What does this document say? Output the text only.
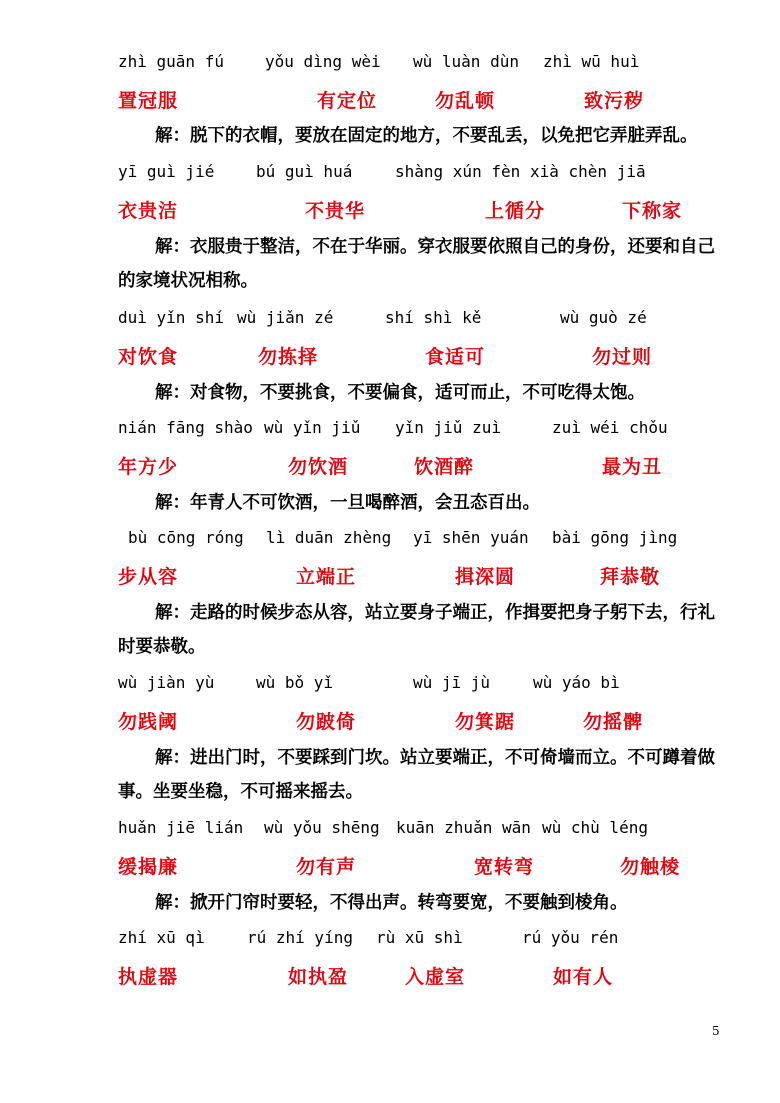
zhì guān fú	yǒu dìng wèi wù luàn dùn zhì wū huì
置冠服	有定位	勿乱顿	致污秽
解：脱下的衣帽，要放在固定的地方，不要乱丢，以免把它弄脏弄乱。
yī guì jié	bú guì huá	shàng xún fèn xià chèn jiā
衣贵洁	不贵华	上循分	下称家
解：衣服贵于整洁，不在于华丽。穿衣服要依照自己的身份，还要和自己的家境状况相称。
duì yǐn shí wù jiǎn zé	shí shì kě	wù guò zé
对饮食	勿拣择	食适可	勿过则
解：对食物，不要挑食，不要偏食，适可而止，不可吃得太饱。
nián fāng shào wù yǐn jiǔ yǐn jiǔ zuì	zuì wéi chǒu
年方少	勿饮酒	饮酒醉	最为丑
解：年青人不可饮酒，一旦喝醉酒，会丑态百出。
bù cōng róng lì duān zhèng yī shēn yuán bài gōng jìng
步从容	立端正	揖深圆	拜恭敬
解：走路的时候步态从容，站立要身子端正，作揖要把身子躬下去，行礼时要恭敬。
wù jiàn yù	wù bǒ yǐ	wù jī jù	wù yáo bì
勿践阈	勿跛倚	勿箕踞	勿摇髀
解：进出门时，不要踩到门坎。站立要端正，不可倚墙而立。不可蹲着做事。坐要坐稳，不可摇来摇去。
huǎn jiē lián wù yǒu shēng kuān zhuǎn wān wù chù léng
缓揭廉	勿有声	宽转弯	勿触棱
解：掀开门帘时要轻，不得出声。转弯要宽，不要触到棱角。
zhí xū qì	rú zhí yíng rù xū shì	rú yǒu rén
执虚器	如执盈	入虚室	如有人
5
